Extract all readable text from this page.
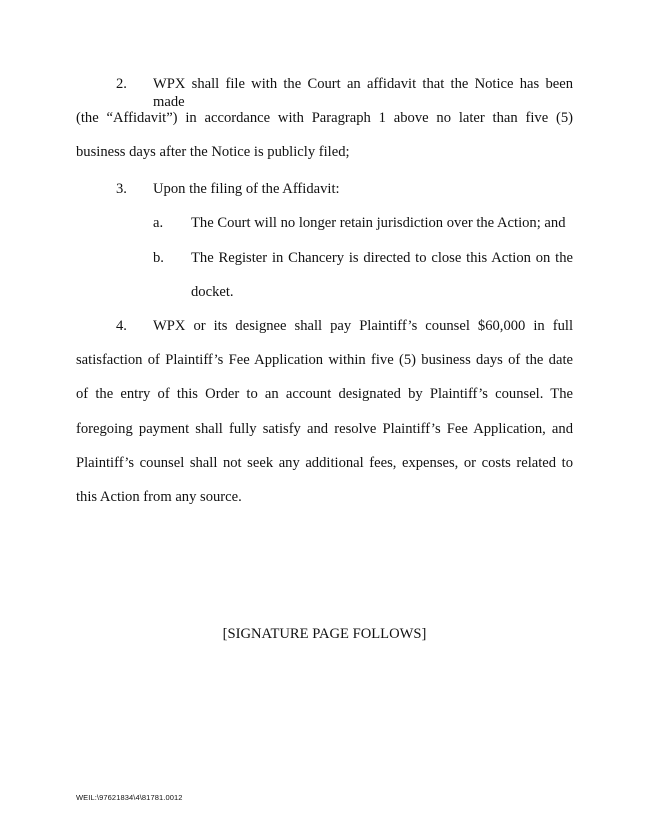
2. WPX shall file with the Court an affidavit that the Notice has been made
(the “Affidavit”) in accordance with Paragraph 1 above no later than five (5)
business days after the Notice is publicly filed;
3. Upon the filing of the Affidavit:
a. The Court will no longer retain jurisdiction over the Action; and
b. The Register in Chancery is directed to close this Action on the
docket.
4. WPX or its designee shall pay Plaintiff’s counsel $60,000 in full
satisfaction of Plaintiff’s Fee Application within five (5) business days of the date
of the entry of this Order to an account designated by Plaintiff’s counsel. The
foregoing payment shall fully satisfy and resolve Plaintiff’s Fee Application, and
Plaintiff’s counsel shall not seek any additional fees, expenses, or costs related to
this Action from any source.
[SIGNATURE PAGE FOLLOWS]
WEIL:\97621834\4\81781.0012
